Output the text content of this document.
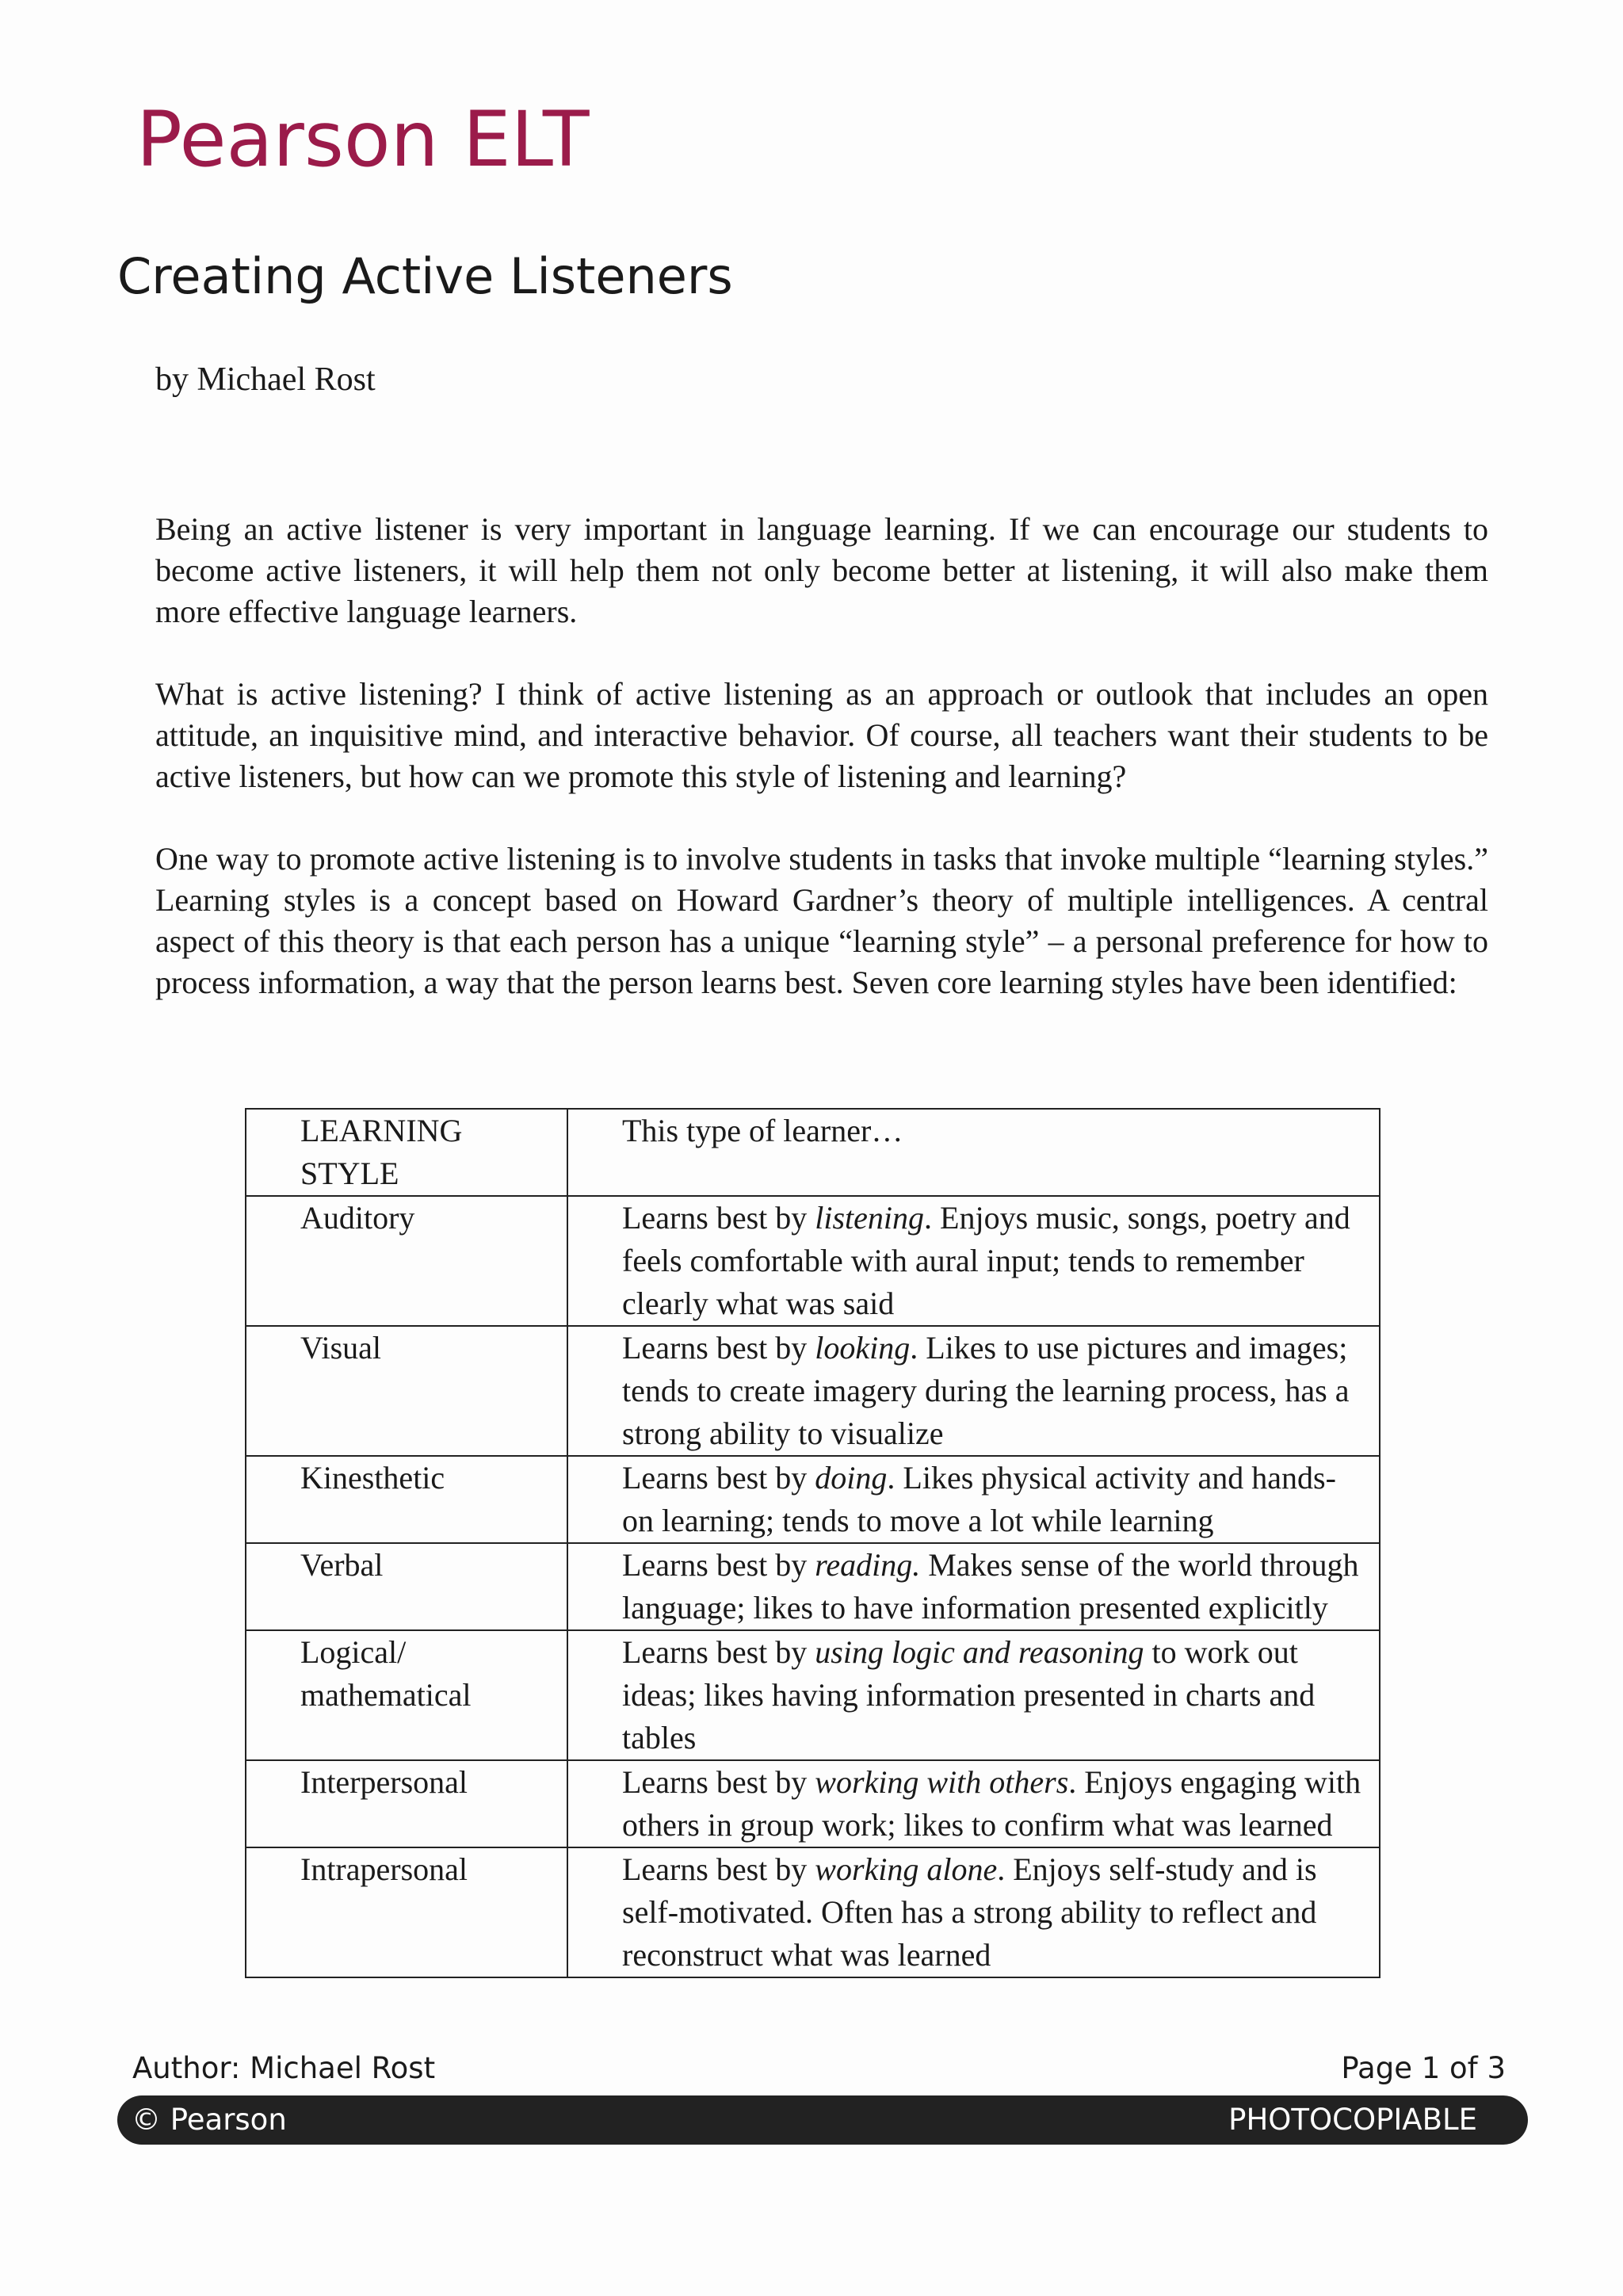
Pearson ELT
Creating Active Listeners
by Michael Rost

Being an active listener is very important in language learning. If we can encourage our students to become active listeners, it will help them not only become better at listening, it will also make them more effective language learners.

What is active listening? I think of active listening as an approach or outlook that includes an open attitude, an inquisitive mind, and interactive behavior. Of course, all teachers want their students to be active listeners, but how can we promote this style of listening and learning?

One way to promote active listening is to involve students in tasks that invoke multiple “learning styles.” Learning styles is a concept based on Howard Gardner’s theory of multiple intelligences. A central aspect of this theory is that each person has a unique “learning style” – a personal preference for how to process information, a way that the person learns best. Seven core learning styles have been identified:

LEARNING STYLE	This type of learner…
Auditory	Learns best by listening. Enjoys music, songs, poetry and feels comfortable with aural input; tends to remember clearly what was said
Visual	Learns best by looking. Likes to use pictures and images; tends to create imagery during the learning process, has a strong ability to visualize
Kinesthetic	Learns best by doing. Likes physical activity and hands-on learning; tends to move a lot while learning
Verbal	Learns best by reading. Makes sense of the world through language; likes to have information presented explicitly
Logical/ mathematical	Learns best by using logic and reasoning to work out ideas; likes having information presented in charts and tables
Interpersonal	Learns best by working with others. Enjoys engaging with others in group work; likes to confirm what was learned
Intrapersonal	Learns best by working alone. Enjoys self-study and is self-motivated. Often has a strong ability to reflect and reconstruct what was learned
Author: Michael Rost	Page 1 of 3
© Pearson	PHOTOCOPIABLE
